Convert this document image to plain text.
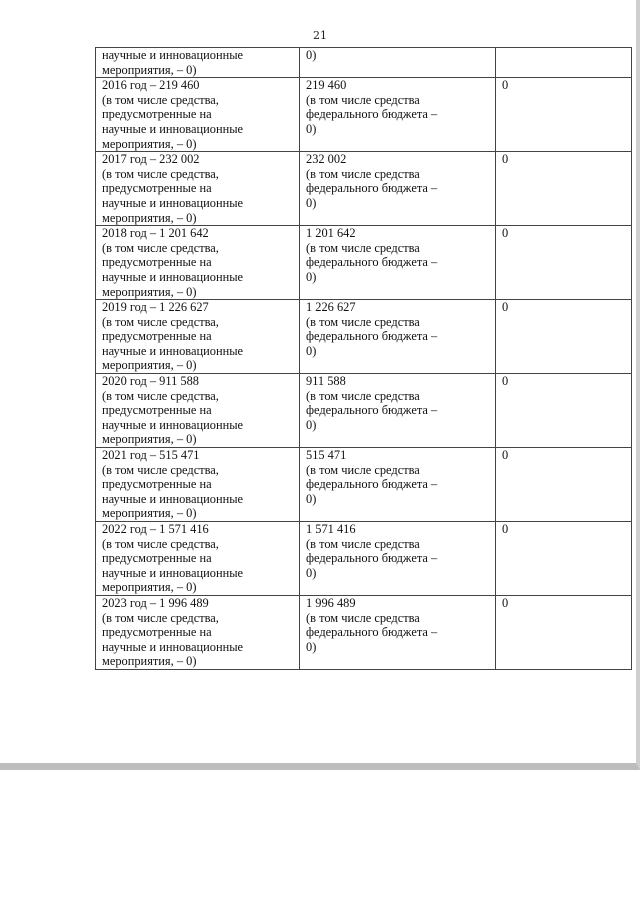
21
научные и инновационные
мероприятия, – 0)	0)	

2016 год – 219 460
(в том числе средства,
предусмотренные на
научные и инновационные
мероприятия, – 0)	219 460
(в том числе средства
федерального бюджета –
0)	0

2017 год – 232 002
(в том числе средства,
предусмотренные на
научные и инновационные
мероприятия, – 0)	232 002
(в том числе средства
федерального бюджета –
0)	0

2018 год – 1 201 642
(в том числе средства,
предусмотренные на
научные и инновационные
мероприятия, – 0)	1 201 642
(в том числе средства
федерального бюджета –
0)	0

2019 год – 1 226 627
(в том числе средства,
предусмотренные на
научные и инновационные
мероприятия, – 0)	1 226 627
(в том числе средства
федерального бюджета –
0)	0

2020 год – 911 588
(в том числе средства,
предусмотренные на
научные и инновационные
мероприятия, – 0)	911 588
(в том числе средства
федерального бюджета –
0)	0

2021 год – 515 471
(в том числе средства,
предусмотренные на
научные и инновационные
мероприятия, – 0)	515 471
(в том числе средства
федерального бюджета –
0)	0

2022 год – 1 571 416
(в том числе средства,
предусмотренные на
научные и инновационные
мероприятия, – 0)	1 571 416
(в том числе средства
федерального бюджета –
0)	0

2023 год – 1 996 489
(в том числе средства,
предусмотренные на
научные и инновационные
мероприятия, – 0)	1 996 489
(в том числе средства
федерального бюджета –
0)	0
